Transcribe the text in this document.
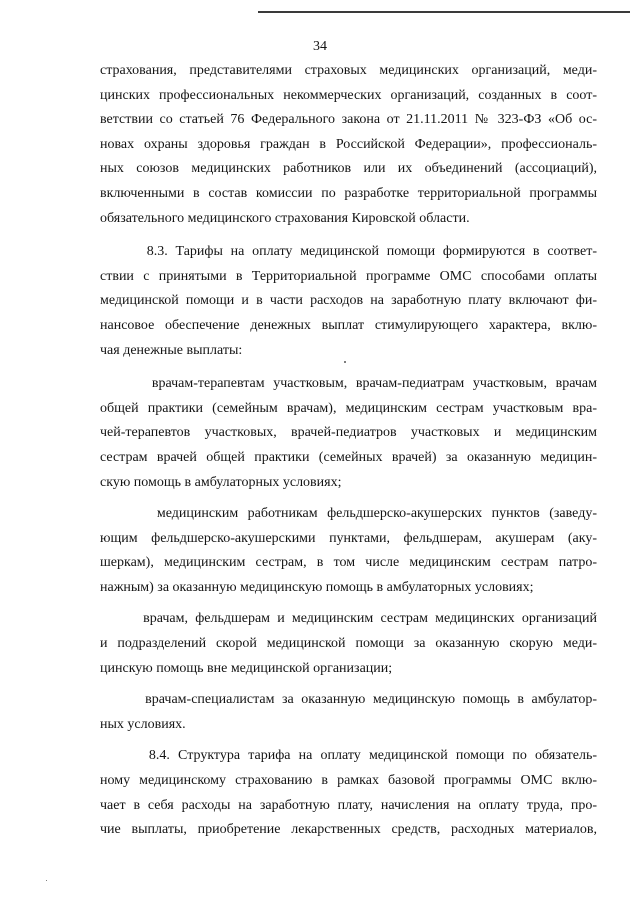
34
страхования, представителями страховых медицинских организаций, меди-
цинских профессиональных некоммерческих организаций, созданных в соот-
ветствии со статьей 76 Федерального закона от 21.11.2011 № 323-ФЗ «Об ос-
новах охраны здоровья граждан в Российской Федерации», профессиональ-
ных союзов медицинских работников или их объединений (ассоциаций),
включенными в состав комиссии по разработке территориальной программы
обязательного медицинского страхования Кировской области.
8.3. Тарифы на оплату медицинской помощи формируются в соответ-
ствии с принятыми в Территориальной программе ОМС способами оплаты
медицинской помощи и в части расходов на заработную плату включают фи-
нансовое обеспечение денежных выплат стимулирующего характера, вклю-
чая денежные выплаты:
врачам-терапевтам участковым, врачам-педиатрам участковым, врачам
общей практики (семейным врачам), медицинским сестрам участковым вра-
чей-терапевтов участковых, врачей-педиатров участковых и медицинским
сестрам врачей общей практики (семейных врачей) за оказанную медицин-
скую помощь в амбулаторных условиях;
медицинским работникам фельдшерско-акушерских пунктов (заведу-
ющим фельдшерско-акушерскими пунктами, фельдшерам, акушерам (аку-
шеркам), медицинским сестрам, в том числе медицинским сестрам патро-
нажным) за оказанную медицинскую помощь в амбулаторных условиях;
врачам, фельдшерам и медицинским сестрам медицинских организаций
и подразделений скорой медицинской помощи за оказанную скорую меди-
цинскую помощь вне медицинской организации;
врачам-специалистам за оказанную медицинскую помощь в амбулатор-
ных условиях.
8.4. Структура тарифа на оплату медицинской помощи по обязатель-
ному медицинскому страхованию в рамках базовой программы ОМС вклю-
чает в себя расходы на заработную плату, начисления на оплату труда, про-
чие выплаты, приобретение лекарственных средств, расходных материалов,
